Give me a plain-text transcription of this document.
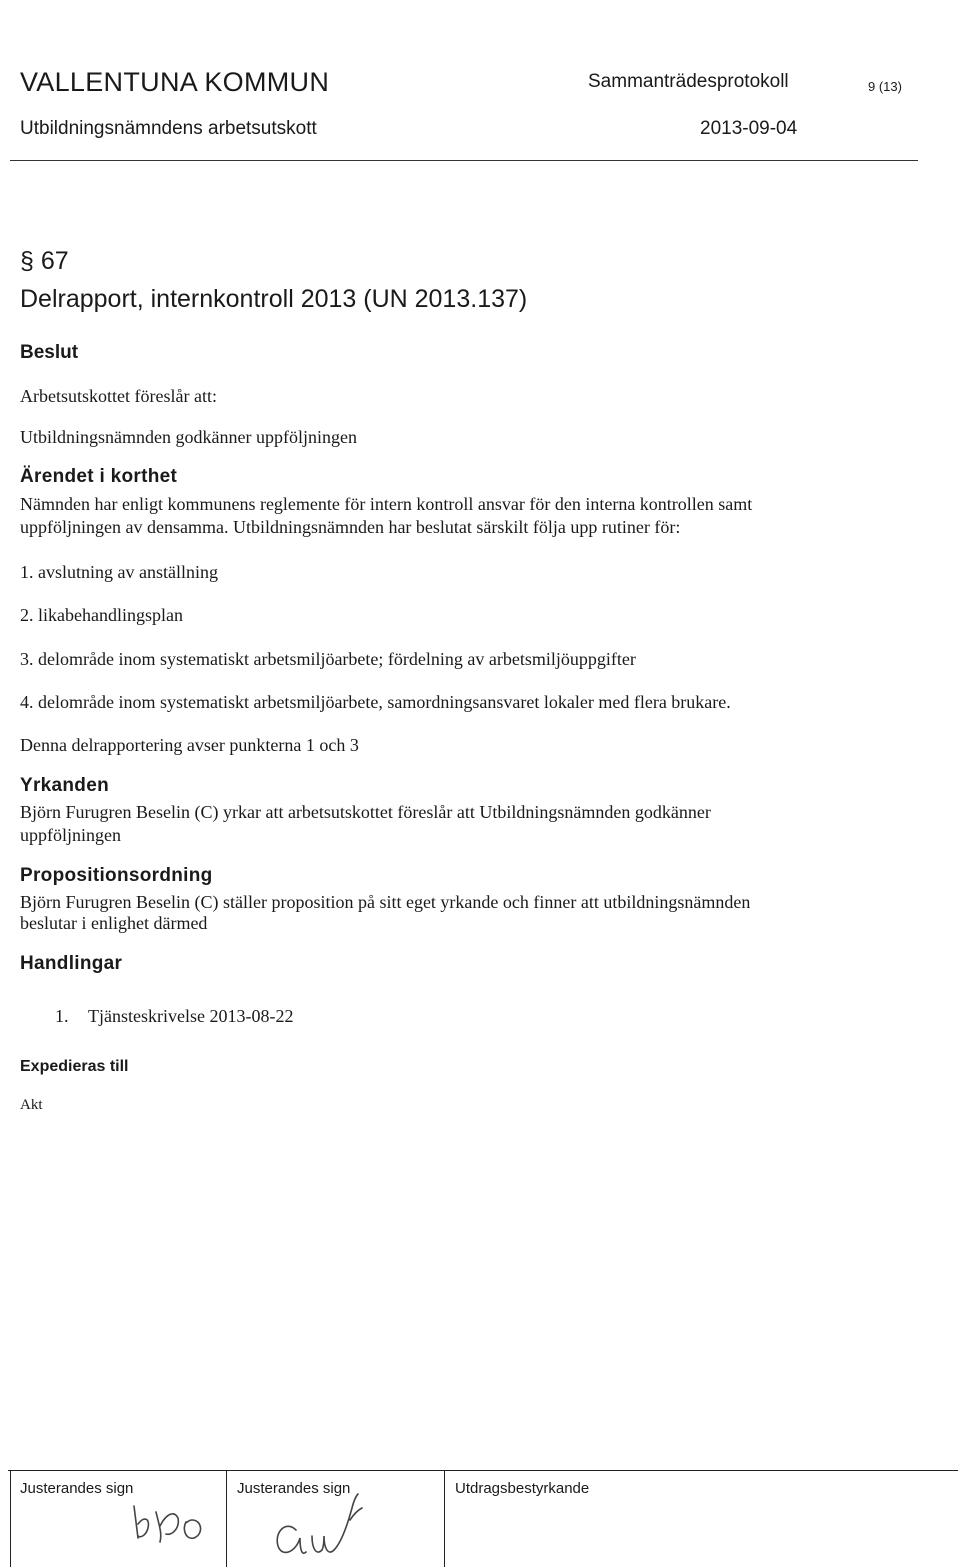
VALLENTUNA KOMMUN
Utbildningsnämndens arbetsutskott
Sammanträdesprotokoll	9 (13)
2013-09-04
§ 67
Delrapport, internkontroll 2013 (UN 2013.137)
Beslut
Arbetsutskottet föreslår att:
Utbildningsnämnden godkänner uppföljningen
Ärendet i korthet
Nämnden har enligt kommunens reglemente för intern kontroll ansvar för den interna kontrollen samt
uppföljningen av densamma. Utbildningsnämnden har beslutat särskilt följa upp rutiner för:
1. avslutning av anställning
2. likabehandlingsplan
3. delområde inom systematiskt arbetsmiljöarbete; fördelning av arbetsmiljöuppgifter
4. delområde inom systematiskt arbetsmiljöarbete, samordningsansvaret lokaler med flera brukare.
Denna delrapportering avser punkterna 1 och 3
Yrkanden
Björn Furugren Beselin (C) yrkar att arbetsutskottet föreslår att Utbildningsnämnden godkänner
uppföljningen
Propositionsordning
Björn Furugren Beselin (C) ställer proposition på sitt eget yrkande och finner att utbildningsnämnden
beslutar i enlighet därmed
Handlingar
1. Tjänsteskrivelse 2013-08-22
Expedieras till
Akt
Justerandes sign	Justerandes sign	Utdragsbestyrkande
